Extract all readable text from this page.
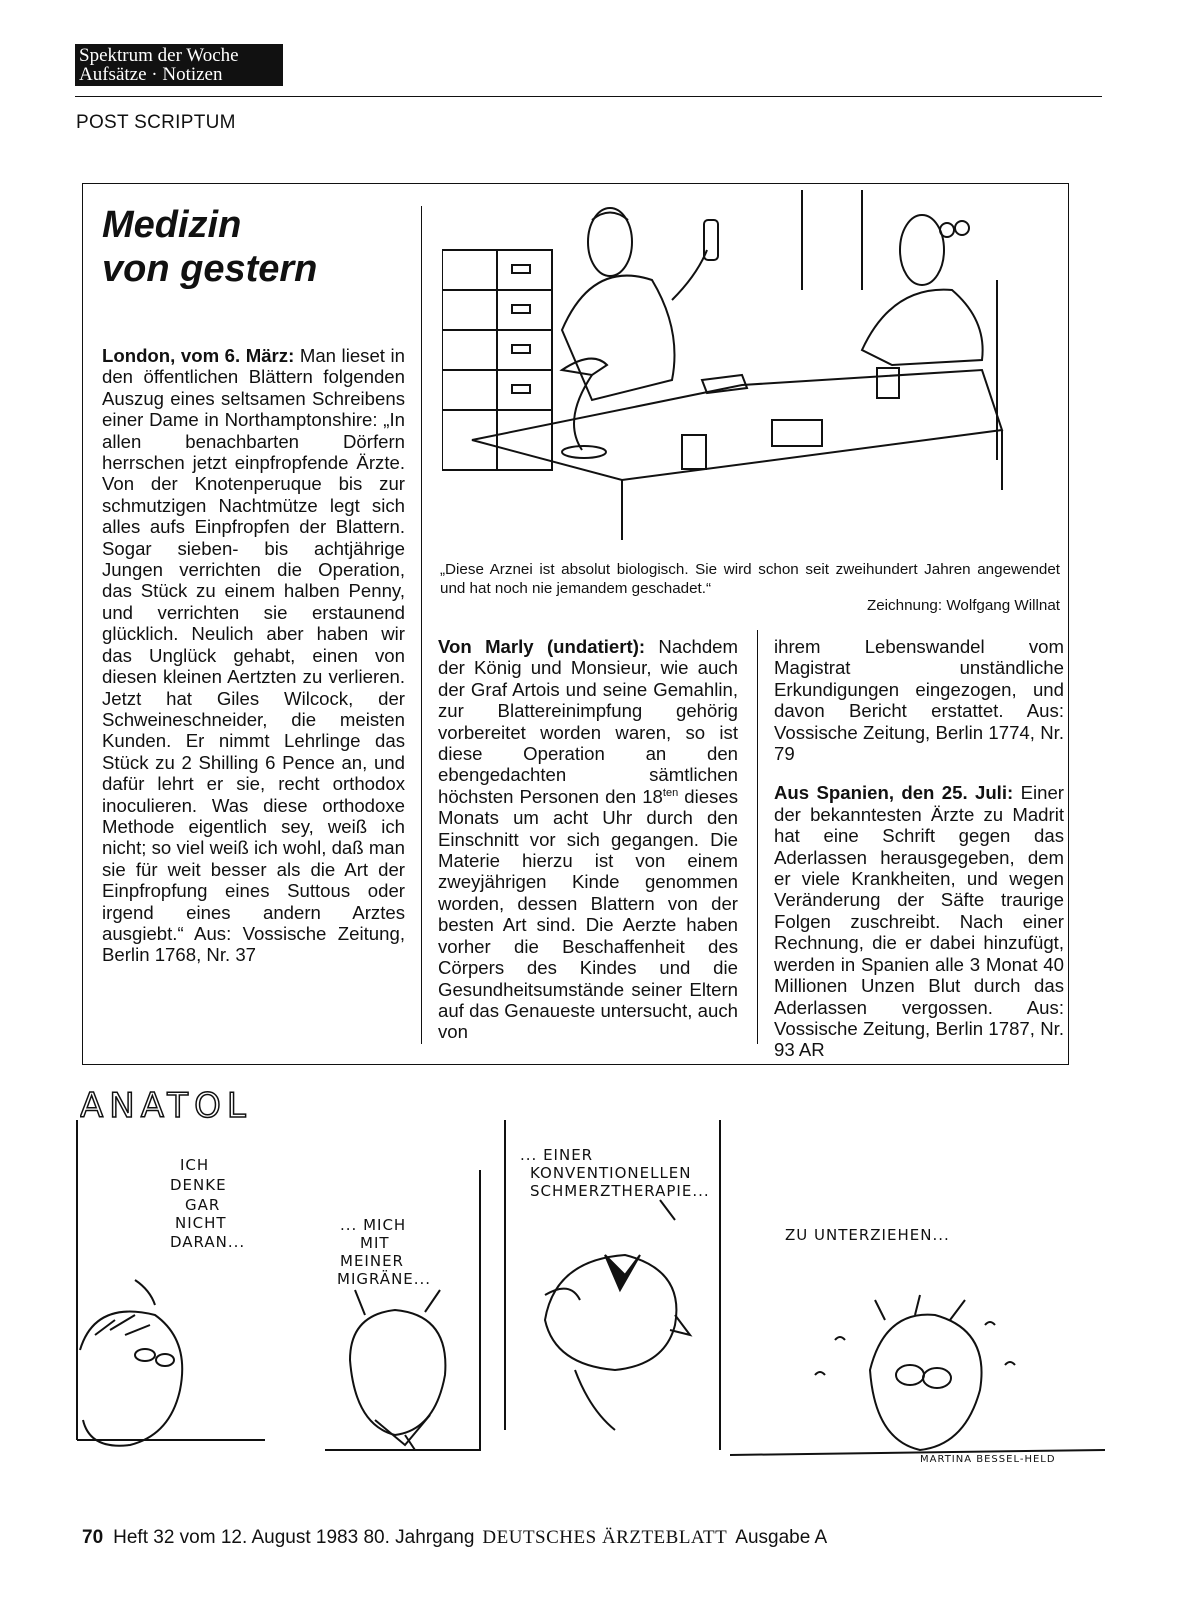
Spektrum der Woche
Aufsätze · Notizen
POST SCRIPTUM
Medizin
von gestern

London, vom 6. März: Man lieset in den öffentlichen Blättern folgenden Auszug eines seltsamen Schreibens einer Dame in Northamptonshire: „In allen benachbarten Dörfern herrschen jetzt einpfropfende Ärzte. Von der Knotenperuque bis zur schmutzigen Nachtmütze legt sich alles aufs Einpfropfen der Blattern. Sogar sieben- bis achtjährige Jungen verrichten die Operation, das Stück zu einem halben Penny, und verrichten sie erstaunend glücklich. Neulich aber haben wir das Unglück gehabt, einen von diesen kleinen Aertzten zu verlieren. Jetzt hat Giles Wilcock, der Schweineschneider, die meisten Kunden. Er nimmt Lehrlinge das Stück zu 2 Shilling 6 Pence an, und dafür lehrt er sie, recht orthodox inoculieren. Was diese orthodoxe Methode eigentlich sey, weiß ich nicht; so viel weiß ich wohl, daß man sie für weit besser als die Art der Einpfropfung eines Suttous oder irgend eines andern Arztes ausgiebt.“ Aus: Vossische Zeitung, Berlin 1768, Nr. 37

„Diese Arznei ist absolut biologisch. Sie wird schon seit zweihundert Jahren angewendet und hat noch nie jemandem geschadet.“
Zeichnung: Wolfgang Willnat

Von Marly (undatiert): Nachdem der König und Monsieur, wie auch der Graf Artois und seine Gemahlin, zur Blattereinimpfung gehörig vorbereitet worden waren, so ist diese Operation an den ebengedachten sämtlichen höchsten Personen den $18^{ten}$ dieses Monats um acht Uhr durch den Einschnitt vor sich gegangen. Die Materie hierzu ist von einem zweyjährigen Kinde genommen worden, dessen Blattern von der besten Art sind. Die Aerzte haben vorher die Beschaffenheit des Cörpers des Kindes und die Gesundheitsumstände seiner Eltern auf das Genaueste untersucht, auch von

ihrem Lebenswandel vom Magistrat unständliche Erkundigungen eingezogen, und davon Bericht erstattet. Aus: Vossische Zeitung, Berlin 1774, Nr. 79

Aus Spanien, den 25. Juli: Einer der bekanntesten Ärzte zu Madrit hat eine Schrift gegen das Aderlassen herausgegeben, dem er viele Krankheiten, und wegen Veränderung der Säfte traurige Folgen zuschreibt. Nach einer Rechnung, die er dabei hinzufügt, werden in Spanien alle 3 Monat 40 Millionen Unzen Blut durch das Aderlassen vergossen. Aus: Vossische Zeitung, Berlin 1787, Nr. 93 AR

ANATOL
ICH
DENKE
GAR
NICHT
DARAN...
... MICH
MIT
MEINER
MIGRÄNE...
... EINER
KONVENTIONELLEN
SCHMERZTHERAPIE...
ZU UNTERZIEHEN...
MARTINA BESSEL-HELD
70 Heft 32 vom 12. August 1983 80. Jahrgang DEUTSCHES ÄRZTEBLATT Ausgabe A
